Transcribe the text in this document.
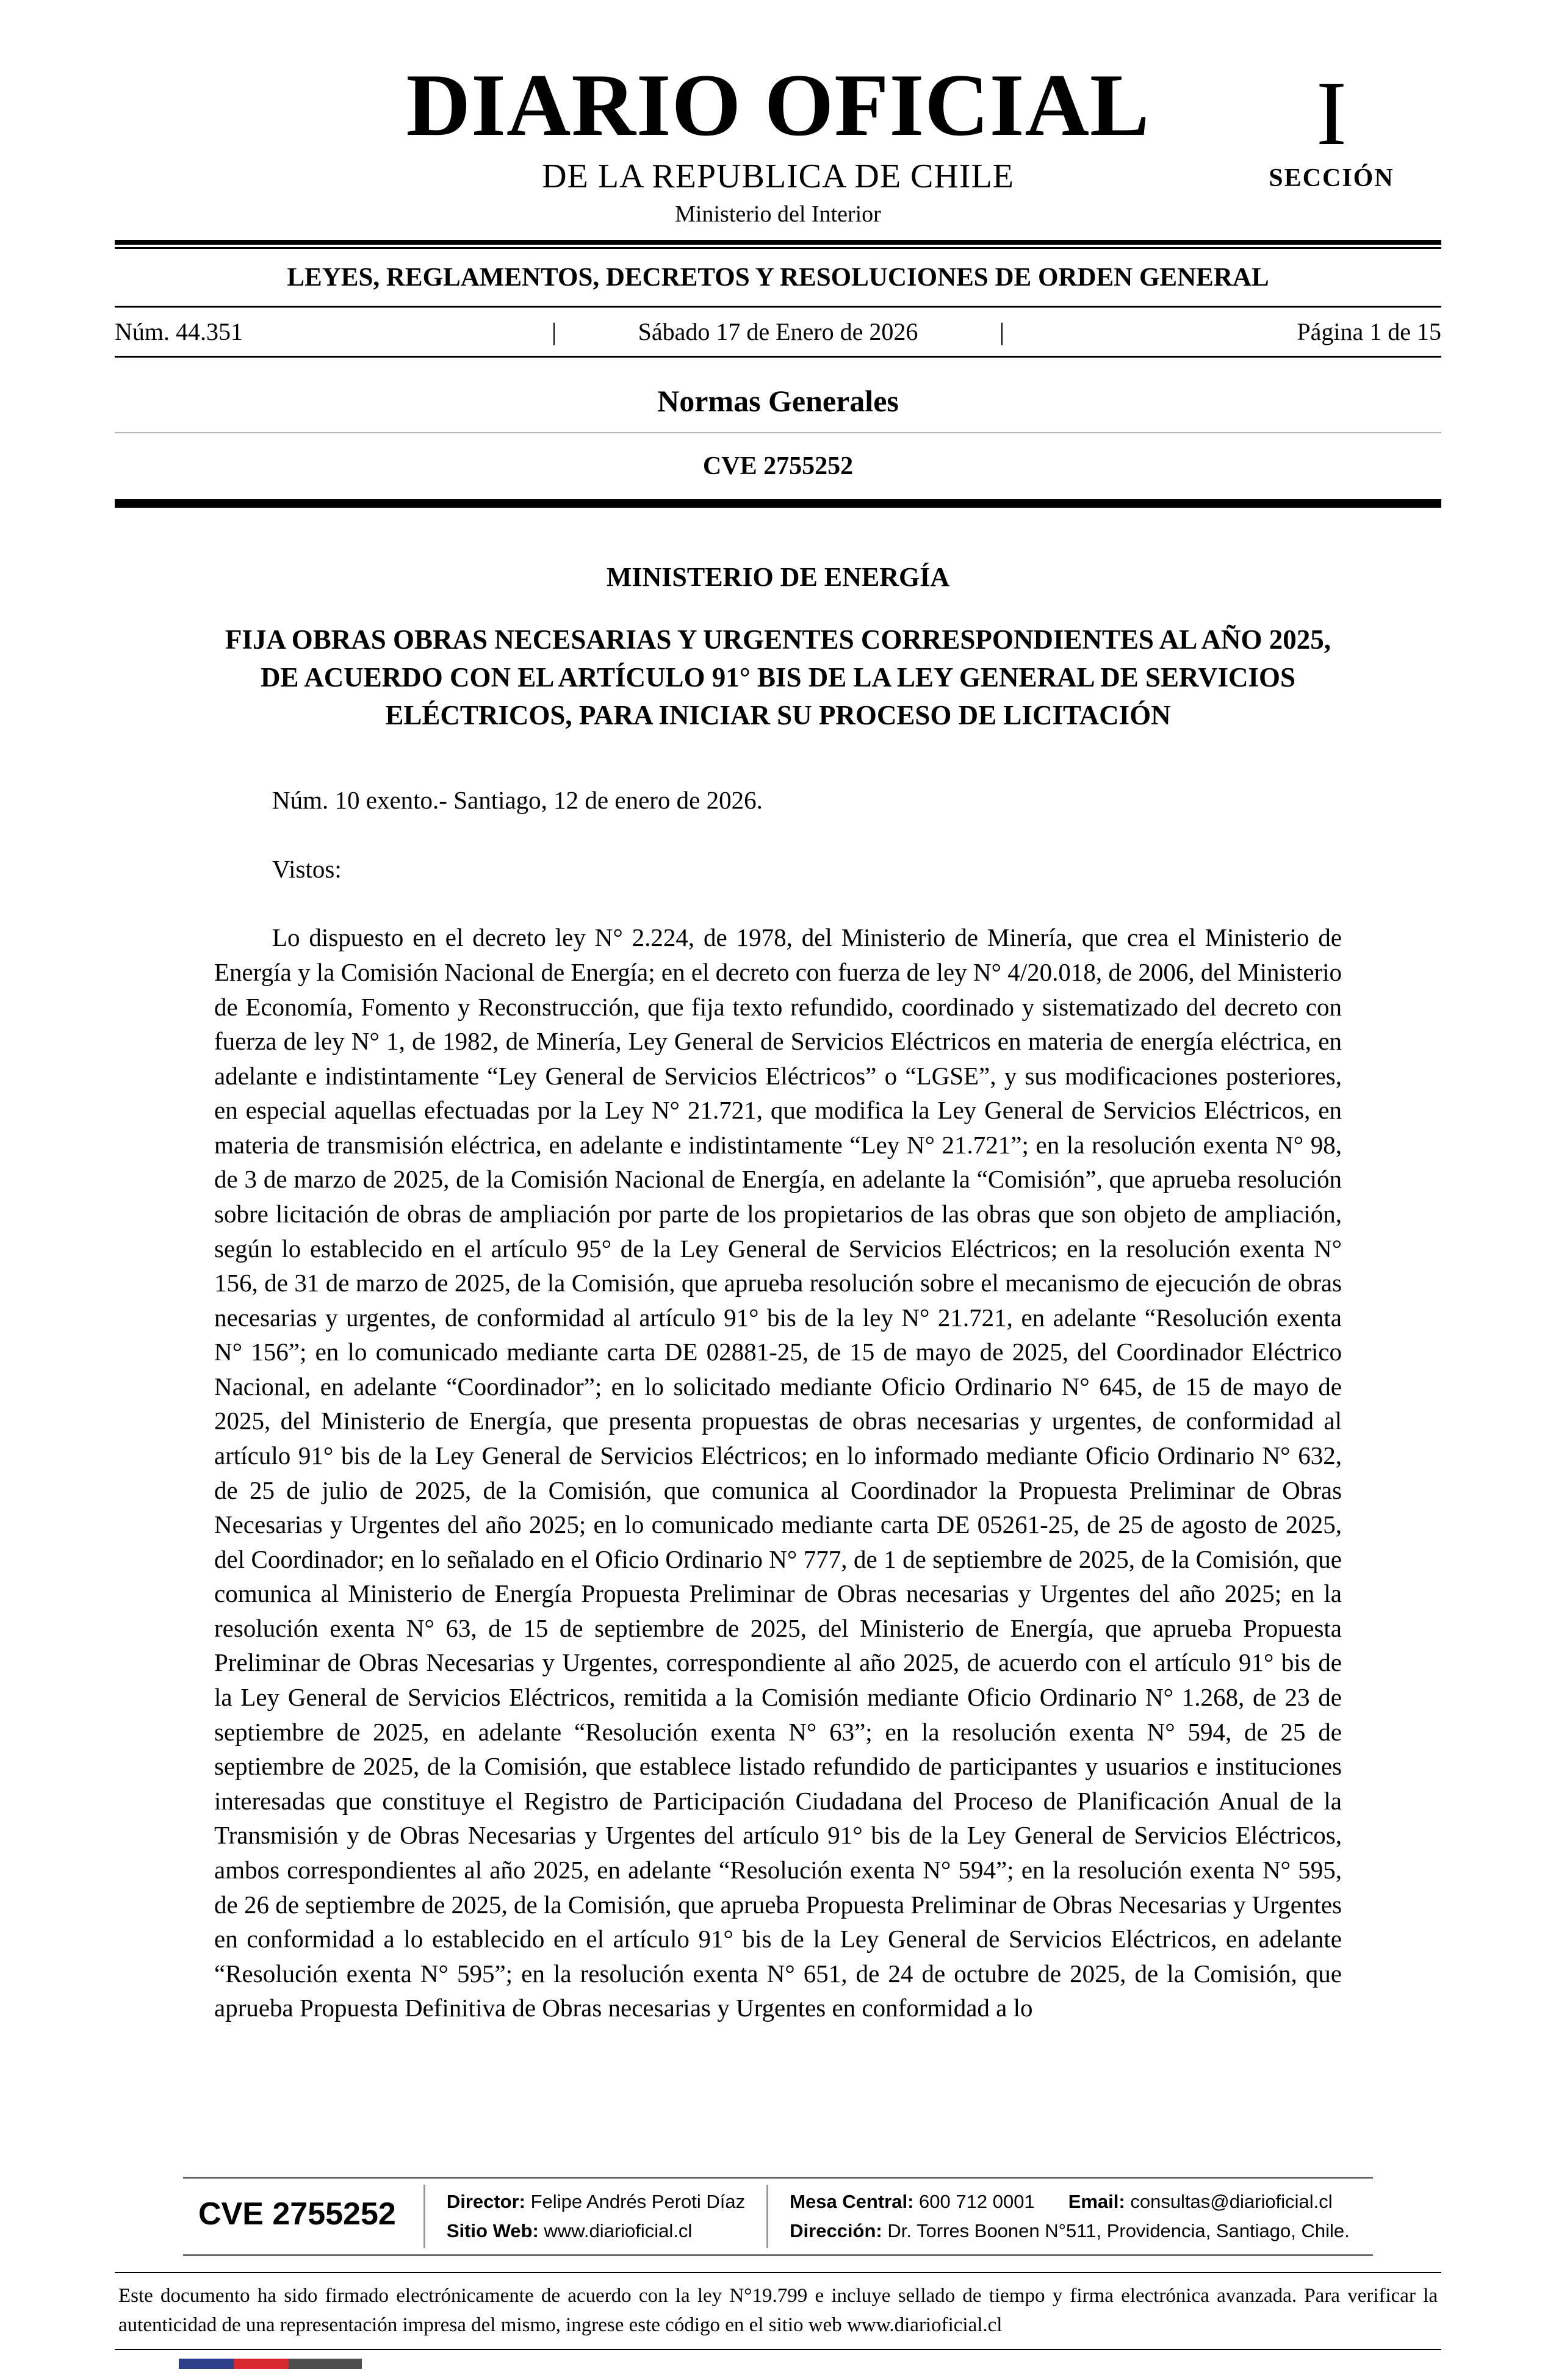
DIARIO OFICIAL
DE LA REPUBLICA DE CHILE
Ministerio del Interior
I
SECCIÓN
LEYES, REGLAMENTOS, DECRETOS Y RESOLUCIONES DE ORDEN GENERAL
Núm. 44.351	|	Sábado 17 de Enero de 2026	|	Página 1 de 15
Normas Generales
CVE 2755252
MINISTERIO DE ENERGÍA
FIJA OBRAS OBRAS NECESARIAS Y URGENTES CORRESPONDIENTES AL AÑO 2025, DE ACUERDO CON EL ARTÍCULO 91° BIS DE LA LEY GENERAL DE SERVICIOS ELÉCTRICOS, PARA INICIAR SU PROCESO DE LICITACIÓN

Núm. 10 exento.- Santiago, 12 de enero de 2026.

Vistos:

Lo dispuesto en el decreto ley N° 2.224, de 1978, del Ministerio de Minería, que crea el Ministerio de Energía y la Comisión Nacional de Energía; en el decreto con fuerza de ley N° 4/20.018, de 2006, del Ministerio de Economía, Fomento y Reconstrucción, que fija texto refundido, coordinado y sistematizado del decreto con fuerza de ley N° 1, de 1982, de Minería, Ley General de Servicios Eléctricos en materia de energía eléctrica, en adelante e indistintamente “Ley General de Servicios Eléctricos” o “LGSE”, y sus modificaciones posteriores, en especial aquellas efectuadas por la Ley N° 21.721, que modifica la Ley General de Servicios Eléctricos, en materia de transmisión eléctrica, en adelante e indistintamente “Ley N° 21.721”; en la resolución exenta N° 98, de 3 de marzo de 2025, de la Comisión Nacional de Energía, en adelante la “Comisión”, que aprueba resolución sobre licitación de obras de ampliación por parte de los propietarios de las obras que son objeto de ampliación, según lo establecido en el artículo 95° de la Ley General de Servicios Eléctricos; en la resolución exenta N° 156, de 31 de marzo de 2025, de la Comisión, que aprueba resolución sobre el mecanismo de ejecución de obras necesarias y urgentes, de conformidad al artículo 91° bis de la ley N° 21.721, en adelante “Resolución exenta N° 156”; en lo comunicado mediante carta DE 02881-25, de 15 de mayo de 2025, del Coordinador Eléctrico Nacional, en adelante “Coordinador”; en lo solicitado mediante Oficio Ordinario N° 645, de 15 de mayo de 2025, del Ministerio de Energía, que presenta propuestas de obras necesarias y urgentes, de conformidad al artículo 91° bis de la Ley General de Servicios Eléctricos; en lo informado mediante Oficio Ordinario N° 632, de 25 de julio de 2025, de la Comisión, que comunica al Coordinador la Propuesta Preliminar de Obras Necesarias y Urgentes del año 2025; en lo comunicado mediante carta DE 05261-25, de 25 de agosto de 2025, del Coordinador; en lo señalado en el Oficio Ordinario N° 777, de 1 de septiembre de 2025, de la Comisión, que comunica al Ministerio de Energía Propuesta Preliminar de Obras necesarias y Urgentes del año 2025; en la resolución exenta N° 63, de 15 de septiembre de 2025, del Ministerio de Energía, que aprueba Propuesta Preliminar de Obras Necesarias y Urgentes, correspondiente al año 2025, de acuerdo con el artículo 91° bis de la Ley General de Servicios Eléctricos, remitida a la Comisión mediante Oficio Ordinario N° 1.268, de 23 de septiembre de 2025, en adelante “Resolución exenta N° 63”; en la resolución exenta N° 594, de 25 de septiembre de 2025, de la Comisión, que establece listado refundido de participantes y usuarios e instituciones interesadas que constituye el Registro de Participación Ciudadana del Proceso de Planificación Anual de la Transmisión y de Obras Necesarias y Urgentes del artículo 91° bis de la Ley General de Servicios Eléctricos, ambos correspondientes al año 2025, en adelante “Resolución exenta N° 594”; en la resolución exenta N° 595, de 26 de septiembre de 2025, de la Comisión, que aprueba Propuesta Preliminar de Obras Necesarias y Urgentes en conformidad a lo establecido en el artículo 91° bis de la Ley General de Servicios Eléctricos, en adelante “Resolución exenta N° 595”; en la resolución exenta N° 651, de 24 de octubre de 2025, de la Comisión, que aprueba Propuesta Definitiva de Obras necesarias y Urgentes en conformidad a lo

CVE 2755252	Director: Felipe Andrés Peroti Díaz
Sitio Web: www.diarioficial.cl
Mesa Central: 600 712 0001 Email: consultas@diarioficial.cl
Dirección: Dr. Torres Boonen N°511, Providencia, Santiago, Chile.
Este documento ha sido firmado electrónicamente de acuerdo con la ley N°19.799 e incluye sellado de tiempo y firma electrónica avanzada. Para verificar la autenticidad de una representación impresa del mismo, ingrese este código en el sitio web www.diarioficial.cl
